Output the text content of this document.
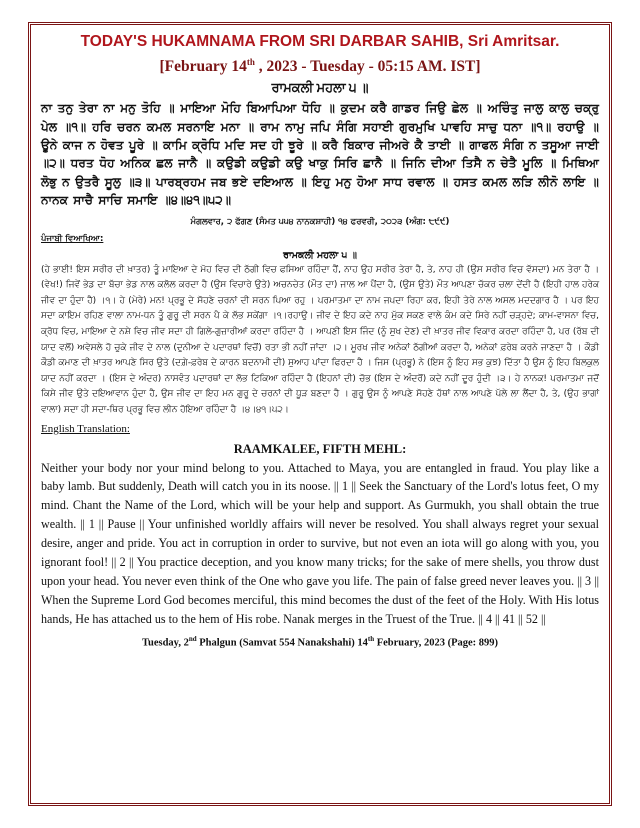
TODAY'S HUKAMNAMA FROM SRI DARBAR SAHIB, Sri Amritsar.
[February 14th , 2023 - Tuesday - 05:15 AM. IST]
ਰਾਮਕਲੀ ਮਹਲਾ ੫ ॥
ਨਾ ਤਨੁ ਤੇਰਾ ਨਾ ਮਨੁ ਤੋਹਿ ॥ ਮਾਇਆ ਮੋਹਿ ਬਿਆਪਿਆ ਧੋਹਿ ॥ ਕੁਦਮ ਕਰੈ ਗਾਡਰ ਜਿਉ ਛੇਲ ॥ ਅਚਿੰਤੁ ਜਾਲੁ ਕਾਲੁ ਚਕ੍ਰੁ ਪੇਲ ॥੧॥ ਹਰਿ ਚਰਨ ਕਮਲ ਸਰਨਾਇ ਮਨਾ ॥ ਰਾਮ ਨਾਮੁ ਜਪਿ ਸੰਗਿ ਸਹਾਈ ਗੁਰਮੁਖਿ ਪਾਵਹਿ ਸਾਚੁ ਧਨਾ ॥੧॥ ਰਹਾਉ ॥ ਊਨੇ ਕਾਜ ਨ ਹੋਵਤ ਪੂਰੇ ॥ ਕਾਮਿ ਕ੍ਰੋਧਿ ਮਦਿ ਸਦ ਹੀ ਝੂਰੇ ॥ ਕਰੈ ਬਿਕਾਰ ਜੀਅਰੇ ਕੈ ਤਾਈ ॥ ਗਾਫਲ ਸੰਗਿ ਨ ਤਸੂਆ ਜਾਈ ॥੨॥ ਧਰਤ ਧੋਹ ਅਨਿਕ ਛਲ ਜਾਨੈ ॥ ਕਉਡੀ ਕਉਡੀ ਕਉ ਖਾਕੁ ਸਿਰਿ ਛਾਨੈ ॥ ਜਿਨਿ ਦੀਆ ਤਿਸੈ ਨ ਚੇਤੈ ਮੂਲਿ ॥ ਮਿਥਿਆ ਲੋਭੁ ਨ ਉਤਰੈ ਸੂਲੁ ॥੩॥ ਪਾਰਬ੍ਰਹਮ ਜਬ ਭਏ ਦਇਆਲ ॥ ਇਹੁ ਮਨੁ ਹੋਆ ਸਾਧ ਰਵਾਲ ॥ ਹਸਤ ਕਮਲ ਲੜਿ ਲੀਨੋ ਲਾਇ ॥ ਨਾਨਕ ਸਾਚੈ ਸਾਚਿ ਸਮਾਇ ॥੪॥੪੧॥੫੨॥
ਮੰਗਲਵਾਰ, ੨ ਫੱਗਣ (ਸੰਮਤ ੫੫੪ ਨਾਨਕਸ਼ਾਹੀ) ੧੪ ਫਰਵਰੀ, ੨੦੨੩ (ਅੰਗ: ੮੯੯)
ਪੰਜਾਬੀ ਵਿਆਖਿਆ:
ਰਾਮਕਲੀ ਮਹਲਾ ੫ ॥
(ਹੇ ਭਾਈ! ਇਸ ਸਰੀਰ ਦੀ ਖ਼ਾਤਰ) ਤੂੰ ਮਾਇਆ ਦੇ ਮੋਹ ਵਿਚ ਦੀ ਠੱਗੀ ਵਿਚ ਫਸਿਆ ਰਹਿੰਦਾ ਹੈਂ, ਨਾਹ ਉਹ ਸਰੀਰ ਤੇਰਾ ਹੈ, ਤੇ, ਨਾਹ ਹੀ (ਉਸ ਸਰੀਰ ਵਿਚ ਵੱਸਦਾ) ਮਨ ਤੇਰਾ ਹੈ । (ਵੇਖ!) ਜਿਵੇਂ ਭੇਡ ਦਾ ਬੱਚਾ ਭੇਡ ਨਾਲ ਕਲੋਲ ਕਰਦਾ ਹੈ (ਉਸ ਵਿਚਾਰੇ ਉਤੇ) ਅਚਨਚੇਤ (ਮੌਤ ਦਾ) ਜਾਲ ਆ ਪੈਂਦਾ ਹੈ, (ਉਸ ਉਤੇ) ਮੌਤ ਆਪਣਾ ਚੱਕਰ ਚਲਾ ਦੇਂਦੀ ਹੈ (ਇਹੀ ਹਾਲ ਹਰੇਕ ਜੀਵ ਦਾ ਹੁੰਦਾ ਹੈ) ।੧। ਹੇ (ਮੇਰੇ) ਮਨ! ਪ੍ਰਭੂ ਦੇ ਸੋਹਣੇ ਚਰਨਾਂ ਦੀ ਸਰਨ ਪਿਆ ਰਹੁ । ਪਰਮਾਤਮਾ ਦਾ ਨਾਮ ਜਪਦਾ ਰਿਹਾ ਕਰ, ਇਹੀ ਤੇਰੇ ਨਾਲ ਅਸਲ ਮਦਦਗਾਰ ਹੈ । ਪਰ ਇਹ ਸਦਾ ਕਾਇਮ ਰਹਿਣ ਵਾਲਾ ਨਾਮ-ਧਨ ਤੂੰ ਗੁਰੂ ਦੀ ਸਰਨ ਪੈ ਕੇ ਲੱਭ ਸਕੇਂਗਾ ।੧।ਰਹਾਉ। ਜੀਵ ਦੇ ਇਹ ਕਦੇ ਨਾਹ ਮੁੱਕ ਸਕਣ ਵਾਲੇ ਕੰਮ ਕਦੇ ਸਿਰੇ ਨਹੀਂ ਚੜ੍ਹਦੇ; ਕਾਮ-ਵਾਸਨਾ ਵਿਚ, ਕ੍ਰੋਧ ਵਿਚ, ਮਾਇਆ ਦੇ ਨਸ਼ੇ ਵਿਚ ਜੀਵ ਸਦਾ ਹੀ ਗਿਲੇ-ਗੁਜ਼ਾਰੀਆਂ ਕਰਦਾ ਰਹਿੰਦਾ ਹੈ । ਆਪਣੀ ਇਸ ਜਿੰਦ (ਨੂੰ ਸੁਖ ਦੇਣ) ਦੀ ਖ਼ਾਤਰ ਜੀਵ ਵਿਕਾਰ ਕਰਦਾ ਰਹਿੰਦਾ ਹੈ, ਪਰ (ਰੱਬ ਦੀ ਯਾਦ ਵਲੋਂ) ਅਵੇਸਲੇ ਹੋ ਚੁਕੇ ਜੀਵ ਦੇ ਨਾਲ (ਦੁਨੀਆ ਦੇ ਪਦਾਰਥਾਂ ਵਿਚੋਂ) ਰਤਾ ਭੀ ਨਹੀਂ ਜਾਂਦਾ ।੨। ਮੂਰਖ ਜੀਵ ਅਨੇਕਾਂ ਠੱਗੀਆਂ ਕਰਦਾ ਹੈ, ਅਨੇਕਾਂ ਫ਼ਰੇਬ ਕਰਨੇ ਜਾਣਦਾ ਹੈ । ਕੌਡੀ ਕੌਡੀ ਕਮਾਣ ਦੀ ਖ਼ਾਤਰ ਆਪਣੇ ਸਿਰ ਉਤੇ (ਦਗ਼ੇ-ਫ਼ਰੇਬ ਦੇ ਕਾਰਨ ਬਦਨਾਮੀ ਦੀ) ਸੁਆਹ ਪਾਂਦਾ ਫਿਰਦਾ ਹੈ । ਜਿਸ (ਪ੍ਰਭੂ) ਨੇ (ਇਸ ਨੂੰ ਇਹ ਸਭ ਕੁਝ) ਦਿੱਤਾ ਹੈ ਉਸ ਨੂੰ ਇਹ ਬਿਲਕੁਲ ਯਾਦ ਨਹੀਂ ਕਰਦਾ । (ਇਸ ਦੇ ਅੰਦਰ) ਨਾਸਵੰਤ ਪਦਾਰਥਾਂ ਦਾ ਲੋਭ ਟਿਕਿਆ ਰਹਿੰਦਾ ਹੈ (ਇਹਨਾਂ ਦੀ) ਚੋਭ (ਇਸ ਦੇ ਅੰਦਰੋਂ) ਕਦੇ ਨਹੀਂ ਦੂਰ ਹੁੰਦੀ ।੩। ਹੇ ਨਾਨਕ! ਪਰਮਾਤਮਾ ਜਦੋਂ ਕਿਸੇ ਜੀਵ ਉਤੇ ਦਇਆਵਾਨ ਹੁੰਦਾ ਹੈ, ਉਸ ਜੀਵ ਦਾ ਇਹ ਮਨ ਗੁਰੂ ਦੇ ਚਰਨਾਂ ਦੀ ਧੂੜ ਬਣਦਾ ਹੈ । ਗੁਰੂ ਉਸ ਨੂੰ ਆਪਣੇ ਸੋਹਣੇ ਹੱਥਾਂ ਨਾਲ ਆਪਣੇ ਪੱਲੇ ਲਾ ਲੈਂਦਾ ਹੈ, ਤੇ, (ਉਹ ਭਾਗਾਂ ਵਾਲਾ) ਸਦਾ ਹੀ ਸਦਾ-ਥਿਰ ਪ੍ਰਭੂ ਵਿਚ ਲੀਨ ਹੋਇਆ ਰਹਿੰਦਾ ਹੈ ।੪।੪੧।੫੨।
English Translation:
RAAMKALEE, FIFTH MEHL:
Neither your body nor your mind belong to you. Attached to Maya, you are entangled in fraud. You play like a baby lamb. But suddenly, Death will catch you in its noose. || 1 || Seek the Sanctuary of the Lord's lotus feet, O my mind. Chant the Name of the Lord, which will be your help and support. As Gurmukh, you shall obtain the true wealth. || 1 || Pause || Your unfinished worldly affairs will never be resolved. You shall always regret your sexual desire, anger and pride. You act in corruption in order to survive, but not even an iota will go along with you, you ignorant fool! || 2 || You practice deception, and you know many tricks; for the sake of mere shells, you throw dust upon your head. You never even think of the One who gave you life. The pain of false greed never leaves you. || 3 || When the Supreme Lord God becomes merciful, this mind becomes the dust of the feet of the Holy. With His lotus hands, He has attached us to the hem of His robe. Nanak merges in the Truest of the True. || 4 || 41 || 52 ||
Tuesday, 2nd Phalgun (Samvat 554 Nanakshahi) 14th February, 2023 (Page: 899)
